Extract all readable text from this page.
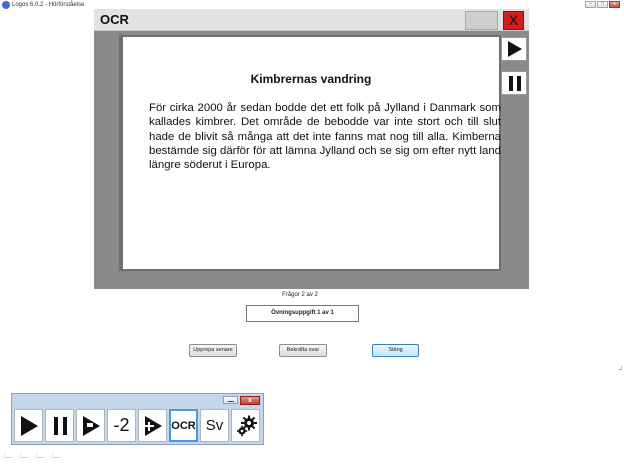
Logos 6.0.2 - Hörförståelse	–	□	x
OCR	X
Kimbrernas vandring
För cirka 2000 år sedan bodde det ett folk på Jylland i Danmark som kallades kimbrer. Det område de bebodde var inte stort och till slut hade de blivit så många att det inte fanns mat nog till alla. Kimberna bestämde sig därför för att lämna Jylland och se sig om efter nytt land längre söderut i Europa.
Frågor 2 av 2
Övningsuppgift 1 av 1
Upprepa senare	Bekräfta svar	Stäng
x
-2	OCR Sv
